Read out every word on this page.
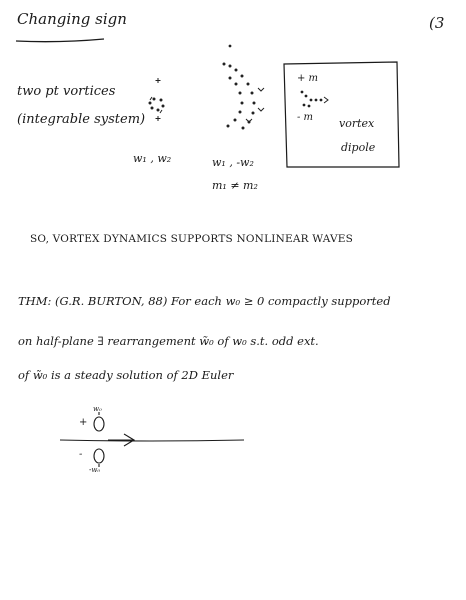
Changing sign	(3
two pt vortices
(integrable system)
w₁ , w₂	w₁ , -w₂
m₁ ≠ m₂
+ m
- m vortex
dipole
SO, VORTEX DYNAMICS SUPPORTS NONLINEAR WAVES
THM: (G.R. BURTON, 88) For each w₀ ≥ 0 compactly supported
on half-plane ∃ rearrangement w̃₀ of w₀ s.t. odd ext.
of w̃₀ is a steady solution of 2D Euler
w₀
+
-
-w₀
